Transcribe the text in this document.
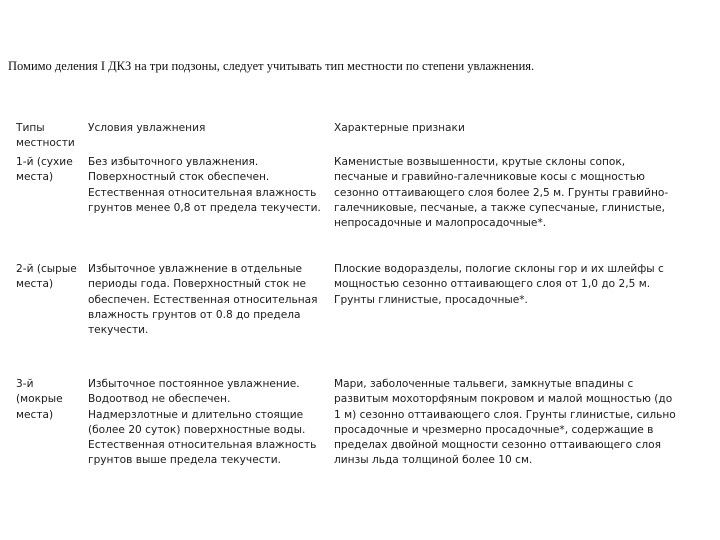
Помимо деления I ДКЗ на три подзоны, следует учитывать тип местности по степени увлажнения.
Типы
местности
Условия увлажнения	Характерные признаки
1-й (сухие
места)
Без избыточного увлажнения.
Поверхностный сток обеспечен.
Естественная относительная влажность
грунтов менее 0,8 от предела текучести.
Каменистые возвышенности, крутые склоны сопок,
песчаные и гравийно-галечниковые косы с мощностью
сезонно оттаивающего слоя более 2,5 м. Грунты гравийно-
галечниковые, песчаные, а также супесчаные, глинистые,
непросадочные и малопросадочные*.
2-й (сырые
места)
Избыточное увлажнение в отдельные
периоды года. Поверхностный сток не
обеспечен. Естественная относительная
влажность грунтов от 0.8 до предела
текучести.
Плоские водоразделы, пологие склоны гор и их шлейфы с
мощностью сезонно оттаивающего слоя от 1,0 до 2,5 м.
Грунты глинистые, просадочные*.
3-й
(мокрые
места)
Избыточное постоянное увлажнение.
Водоотвод не обеспечен.
Надмерзлотные и длительно стоящие
(более 20 суток) поверхностные воды.
Естественная относительная влажность
грунтов выше предела текучести.
Мари, заболоченные тальвеги, замкнутые впадины с
развитым мохоторфяным покровом и малой мощностью (до
1 м) сезонно оттаивающего слоя. Грунты глинистые, сильно
просадочные и чрезмерно просадочные*, содержащие в
пределах двойной мощности сезонно оттаивающего слоя
линзы льда толщиной более 10 см.
